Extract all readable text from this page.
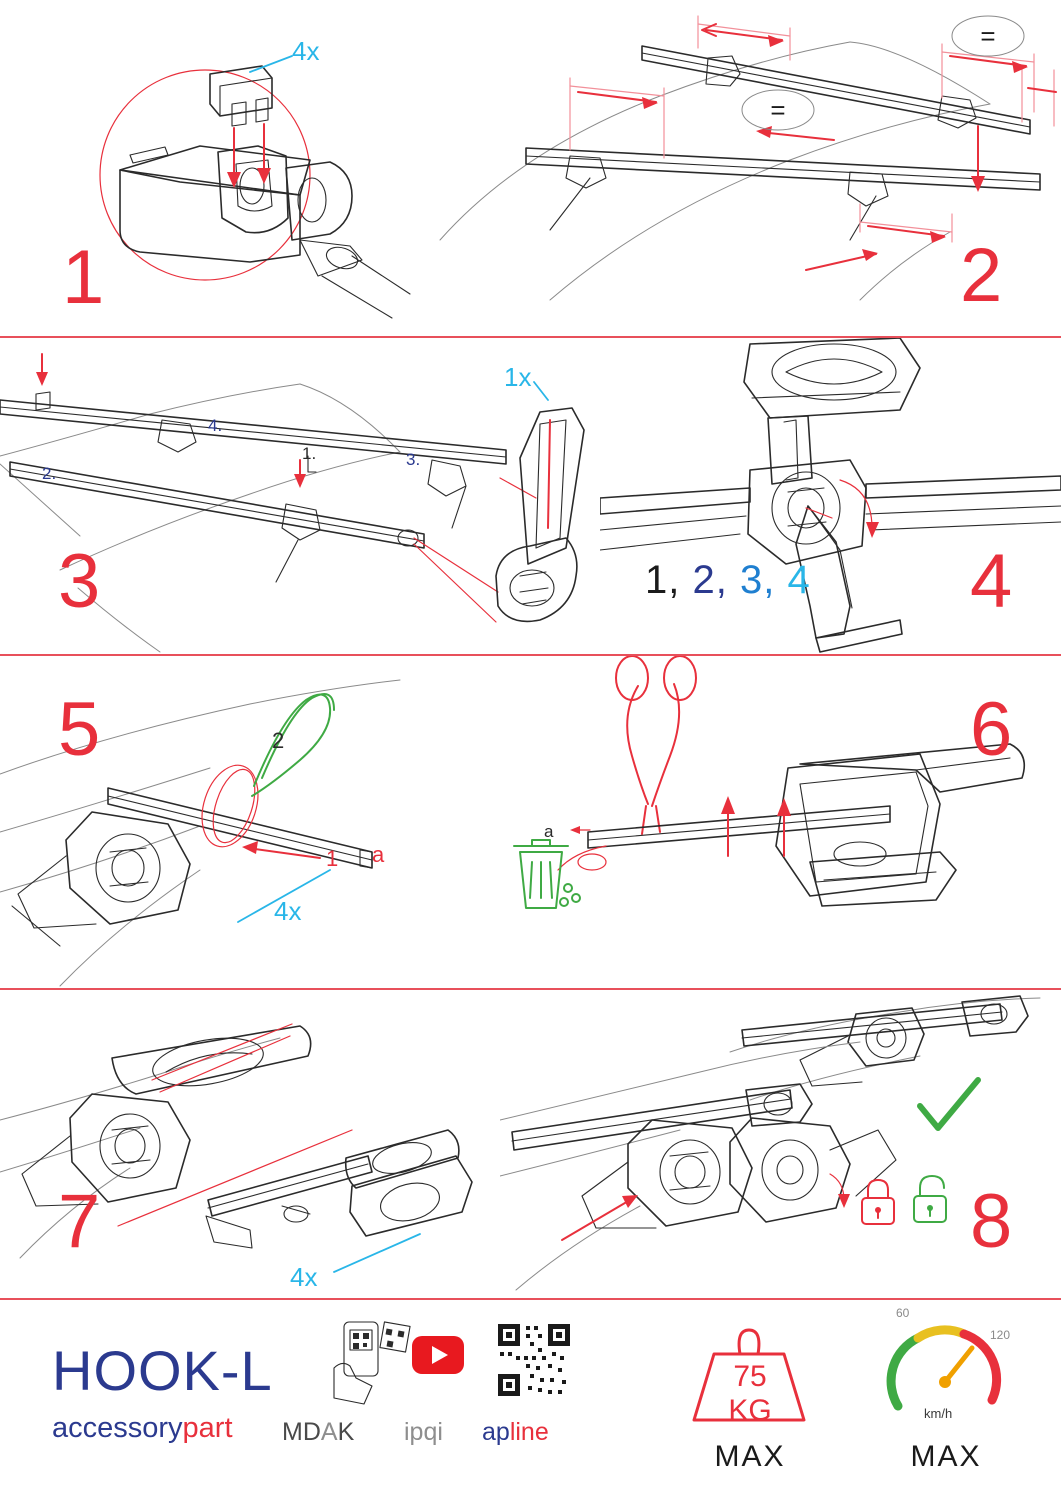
4x
1
=
=
2
1x
1.
2.
3.
4.
3	1, 2, 3, 4 4
1 a
2
4x
5
a
6
4x
7	8
HOOK-L
accessorypart MDAK ipqi apline
75 KG
MAX
60
120
km/h
MAX
